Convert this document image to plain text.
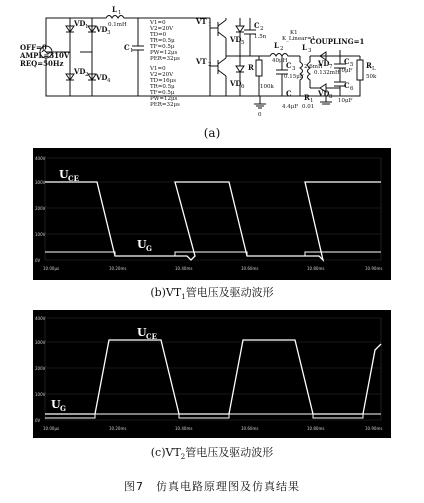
OFF=0
AMPL=310V
REQ=50Hz
VD 1 VD 3
VD 2 VD 4
L 1
0.1mH
C 1
V1=0
V2=20V
TD=0
TR=0.5μ
TF=0.5μ
PW=12μs
PER=32μs
V1=0
V2=20V
TD=16μs
TR=0.5μ
TF=0.5μ
PW=12μs
PER=32μs
VT 1
VT 2
VD 5
VD 6
C 2
1.5n
R
100k
L 2
40μH
C 3
0.15μF
C
4.4μF
L 3
2.6mH
0.132mH
R 1
0.01
K1
K_Linear=1
COUPLING=1
VD 7
VD 8
C 5
10μF
C 6
10μF
R L
50k
0
(a)
400V
300V
200V
100V
0V
10.00μs	10.20ms	10.40ms	10.60ms	10.80ms	10.90ms
U CE
U G
$(b)VT_1$管电压及驱动波形
400V
300V
200V
100V
0V
10.00μs	10.20ms	10.40ms	10.60ms	10.80ms	10.90ms
U CE
U G
$(c)VT_2$管电压及驱动波形
图7　仿真电路原理图及仿真结果
